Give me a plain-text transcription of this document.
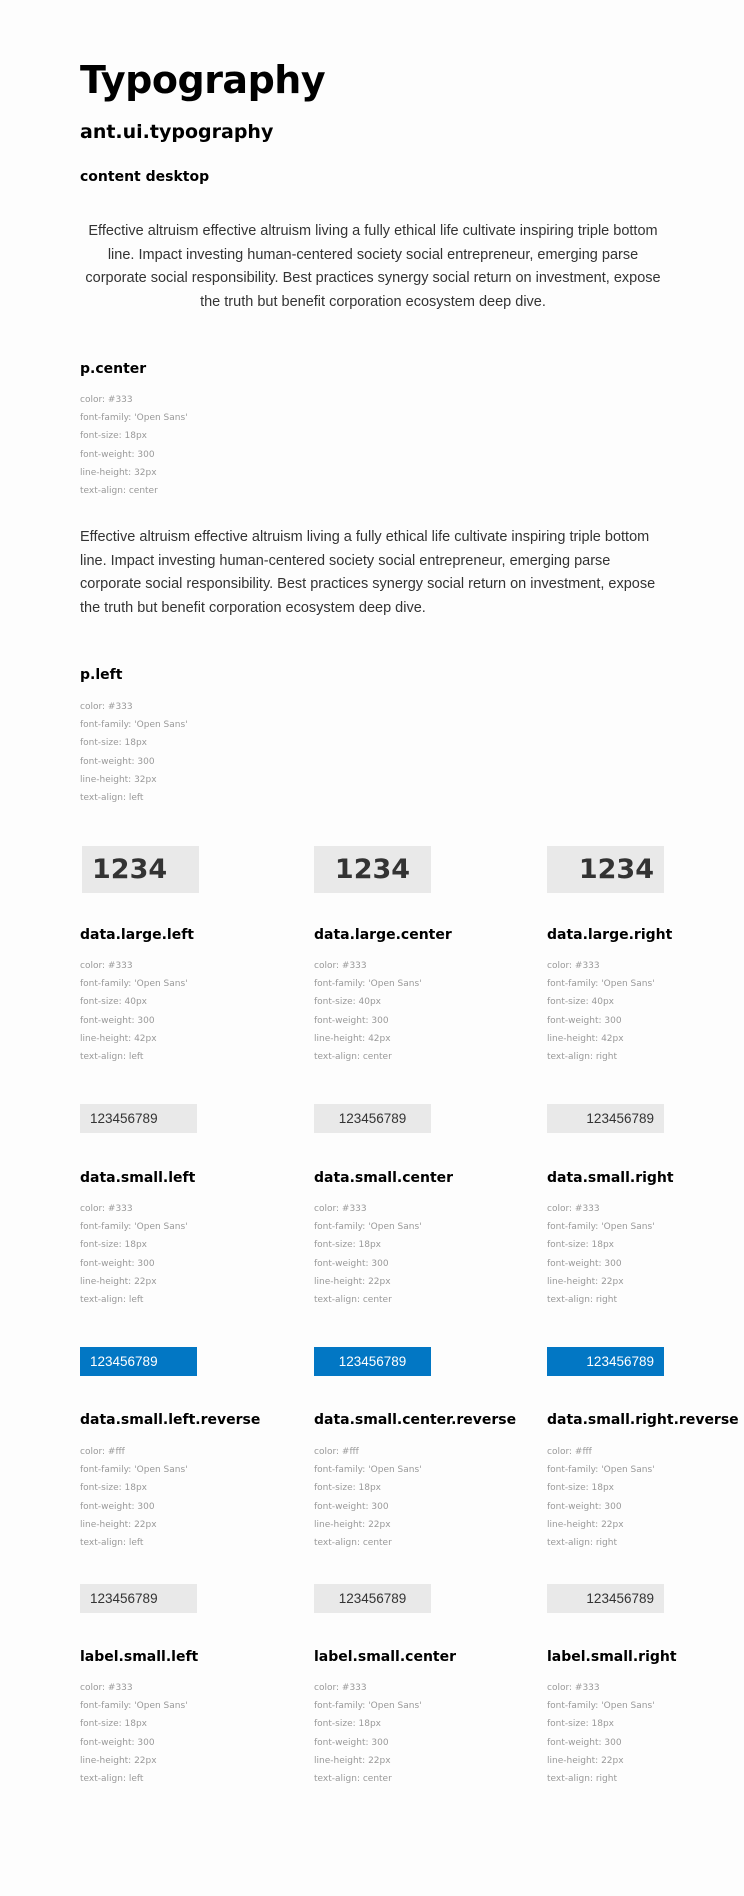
Typography
ant.ui.typography
content desktop

Effective altruism effective altruism living a fully ethical life cultivate inspiring triple bottom line. Impact investing human-centered society social entrepreneur, emerging parse corporate social responsibility. Best practices synergy social return on investment, expose the truth but benefit corporation ecosystem deep dive.

p.center
color: #333
font-family: 'Open Sans'
font-size: 18px
font-weight: 300
line-height: 32px
text-align: center

Effective altruism effective altruism living a fully ethical life cultivate inspiring triple bottom line. Impact investing human-centered society social entrepreneur, emerging parse corporate social responsibility. Best practices synergy social return on investment, expose the truth but benefit corporation ecosystem deep dive.

p.left
color: #333
font-family: 'Open Sans'
font-size: 18px
font-weight: 300
line-height: 32px
text-align: left
1234	1234	1234
data.large.left	data.large.center	data.large.right
color: #333
font-family: 'Open Sans'
font-size: 40px
font-weight: 300
line-height: 42px
text-align: left
color: #333
font-family: 'Open Sans'
font-size: 40px
font-weight: 300
line-height: 42px
text-align: center
color: #333
font-family: 'Open Sans'
font-size: 40px
font-weight: 300
line-height: 42px
text-align: right
123456789	123456789	123456789
data.small.left	data.small.center	data.small.right
color: #333
font-family: 'Open Sans'
font-size: 18px
font-weight: 300
line-height: 22px
text-align: left
color: #333
font-family: 'Open Sans'
font-size: 18px
font-weight: 300
line-height: 22px
text-align: center
color: #333
font-family: 'Open Sans'
font-size: 18px
font-weight: 300
line-height: 22px
text-align: right
123456789	123456789	123456789
data.small.left.reverse	data.small.center.reverse data.small.right.reverse
color: #fff
font-family: 'Open Sans'
font-size: 18px
font-weight: 300
line-height: 22px
text-align: left
color: #fff
font-family: 'Open Sans'
font-size: 18px
font-weight: 300
line-height: 22px
text-align: center
color: #fff
font-family: 'Open Sans'
font-size: 18px
font-weight: 300
line-height: 22px
text-align: right
123456789	123456789	123456789
label.small.left	label.small.center	label.small.right
color: #333
font-family: 'Open Sans'
font-size: 18px
font-weight: 300
line-height: 22px
text-align: left
color: #333
font-family: 'Open Sans'
font-size: 18px
font-weight: 300
line-height: 22px
text-align: center
color: #333
font-family: 'Open Sans'
font-size: 18px
font-weight: 300
line-height: 22px
text-align: right
